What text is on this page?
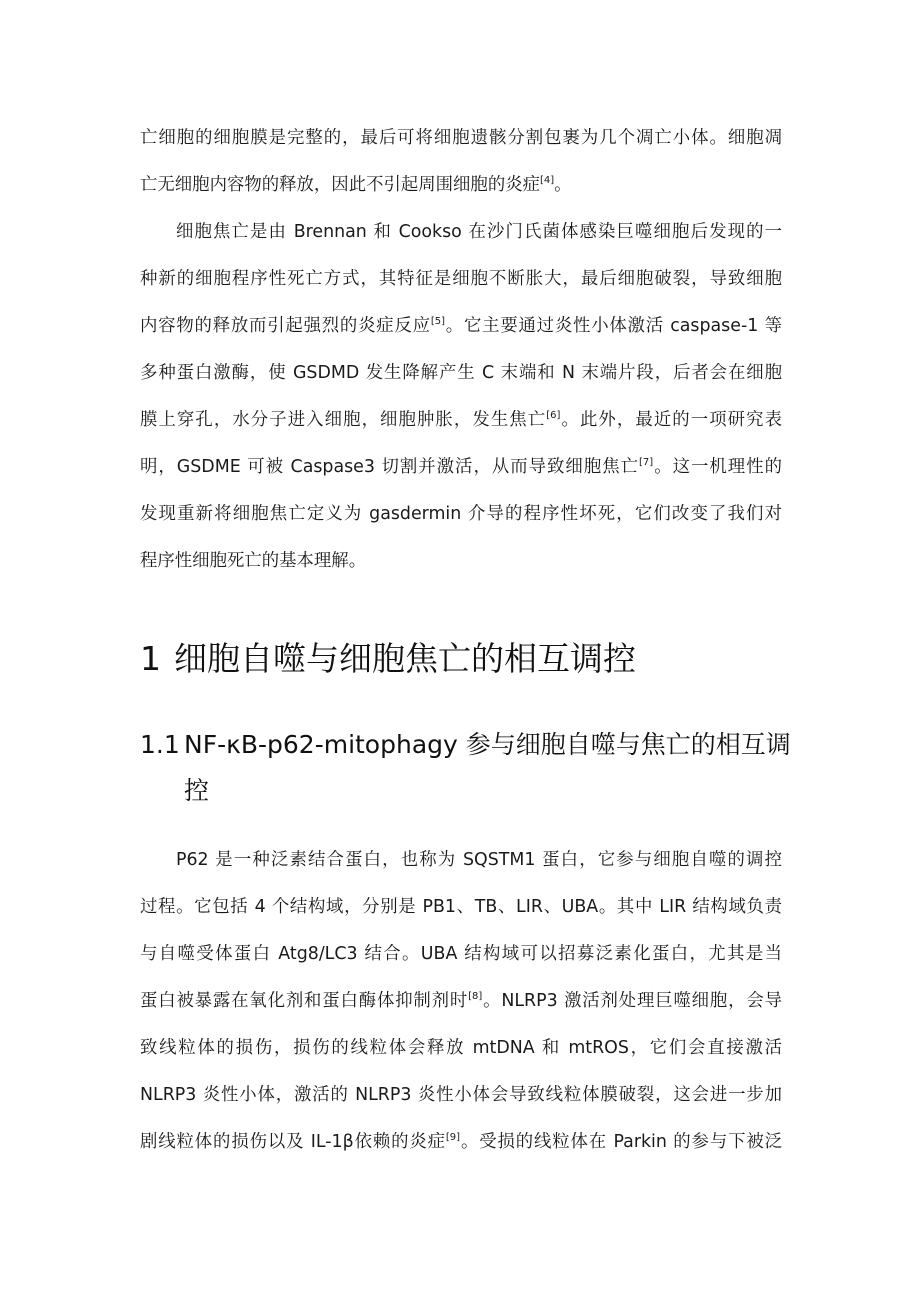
亡细胞的细胞膜是完整的，最后可将细胞遗骸分割包裹为几个凋亡小体。细胞凋
亡无细胞内容物的释放，因此不引起周围细胞的炎症[4]。
细胞焦亡是由 Brennan 和 Cookso 在沙门氏菌体感染巨噬细胞后发现的一
种新的细胞程序性死亡方式，其特征是细胞不断胀大，最后细胞破裂，导致细胞
内容物的释放而引起强烈的炎症反应[5]。它主要通过炎性小体激活 caspase-1 等
多种蛋白激酶，使 GSDMD 发生降解产生 C 末端和 N 末端片段，后者会在细胞
膜上穿孔，水分子进入细胞，细胞肿胀，发生焦亡[6]。此外，最近的一项研究表
明，GSDME 可被 Caspase3 切割并激活，从而导致细胞焦亡[7]。这一机理性的
发现重新将细胞焦亡定义为 gasdermin 介导的程序性坏死，它们改变了我们对
程序性细胞死亡的基本理解。
1 细胞自噬与细胞焦亡的相互调控
1.1 NF-κB-p62-mitophagy 参与细胞自噬与焦亡的相互调
控
P62 是一种泛素结合蛋白，也称为 SQSTM1 蛋白，它参与细胞自噬的调控
过程。它包括 4 个结构域，分别是 PB1、TB、LIR、UBA。其中 LIR 结构域负责
与自噬受体蛋白 Atg8/LC3 结合。UBA 结构域可以招募泛素化蛋白，尤其是当
蛋白被暴露在氧化剂和蛋白酶体抑制剂时[8]。NLRP3 激活剂处理巨噬细胞，会导
致线粒体的损伤，损伤的线粒体会释放 mtDNA 和 mtROS，它们会直接激活
NLRP3 炎性小体，激活的 NLRP3 炎性小体会导致线粒体膜破裂，这会进一步加
剧线粒体的损伤以及 IL-1β依赖的炎症[9]。受损的线粒体在 Parkin 的参与下被泛
